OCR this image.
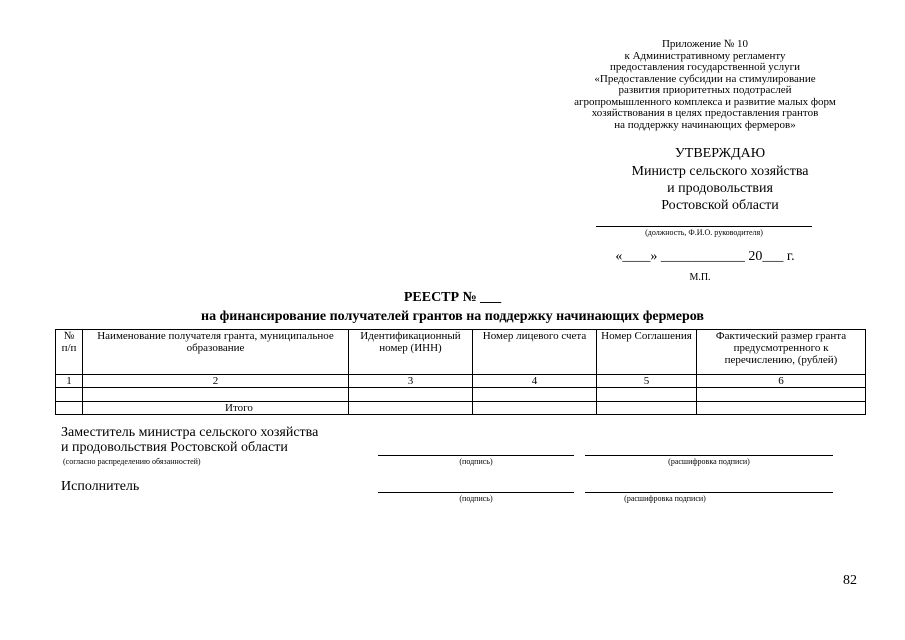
Приложение № 10
к Административному регламенту
предоставления государственной услуги
«Предоставление субсидии на стимулирование
развития приоритетных подотраслей
агропромышленного комплекса и развитие малых форм
хозяйствования в целях предоставления грантов
на поддержку начинающих фермеров»
УТВЕРЖДАЮ
Министр сельского хозяйства
и продовольствия
Ростовской области
(должность, Ф.И.О. руководителя)
«____» ____________ 20___ г.
М.П.
РЕЕСТР № ___
на финансирование получателей грантов на поддержку начинающих фермеров
№ п/п	Наименование получателя гранта, муниципальное образование	Идентификационный номер (ИНН)	Номер лицевого счета	Номер Соглашения	Фактический размер гранта предусмотренного к перечислению, (рублей)
1	2	3	4	5	6

	Итого				
Заместитель министра сельского хозяйства
и продовольствия Ростовской области
(согласно распределению обязанностей)	(подпись)	(расшифровка подписи)
Исполнитель
(подпись)	(расшифровка подписи)
82
